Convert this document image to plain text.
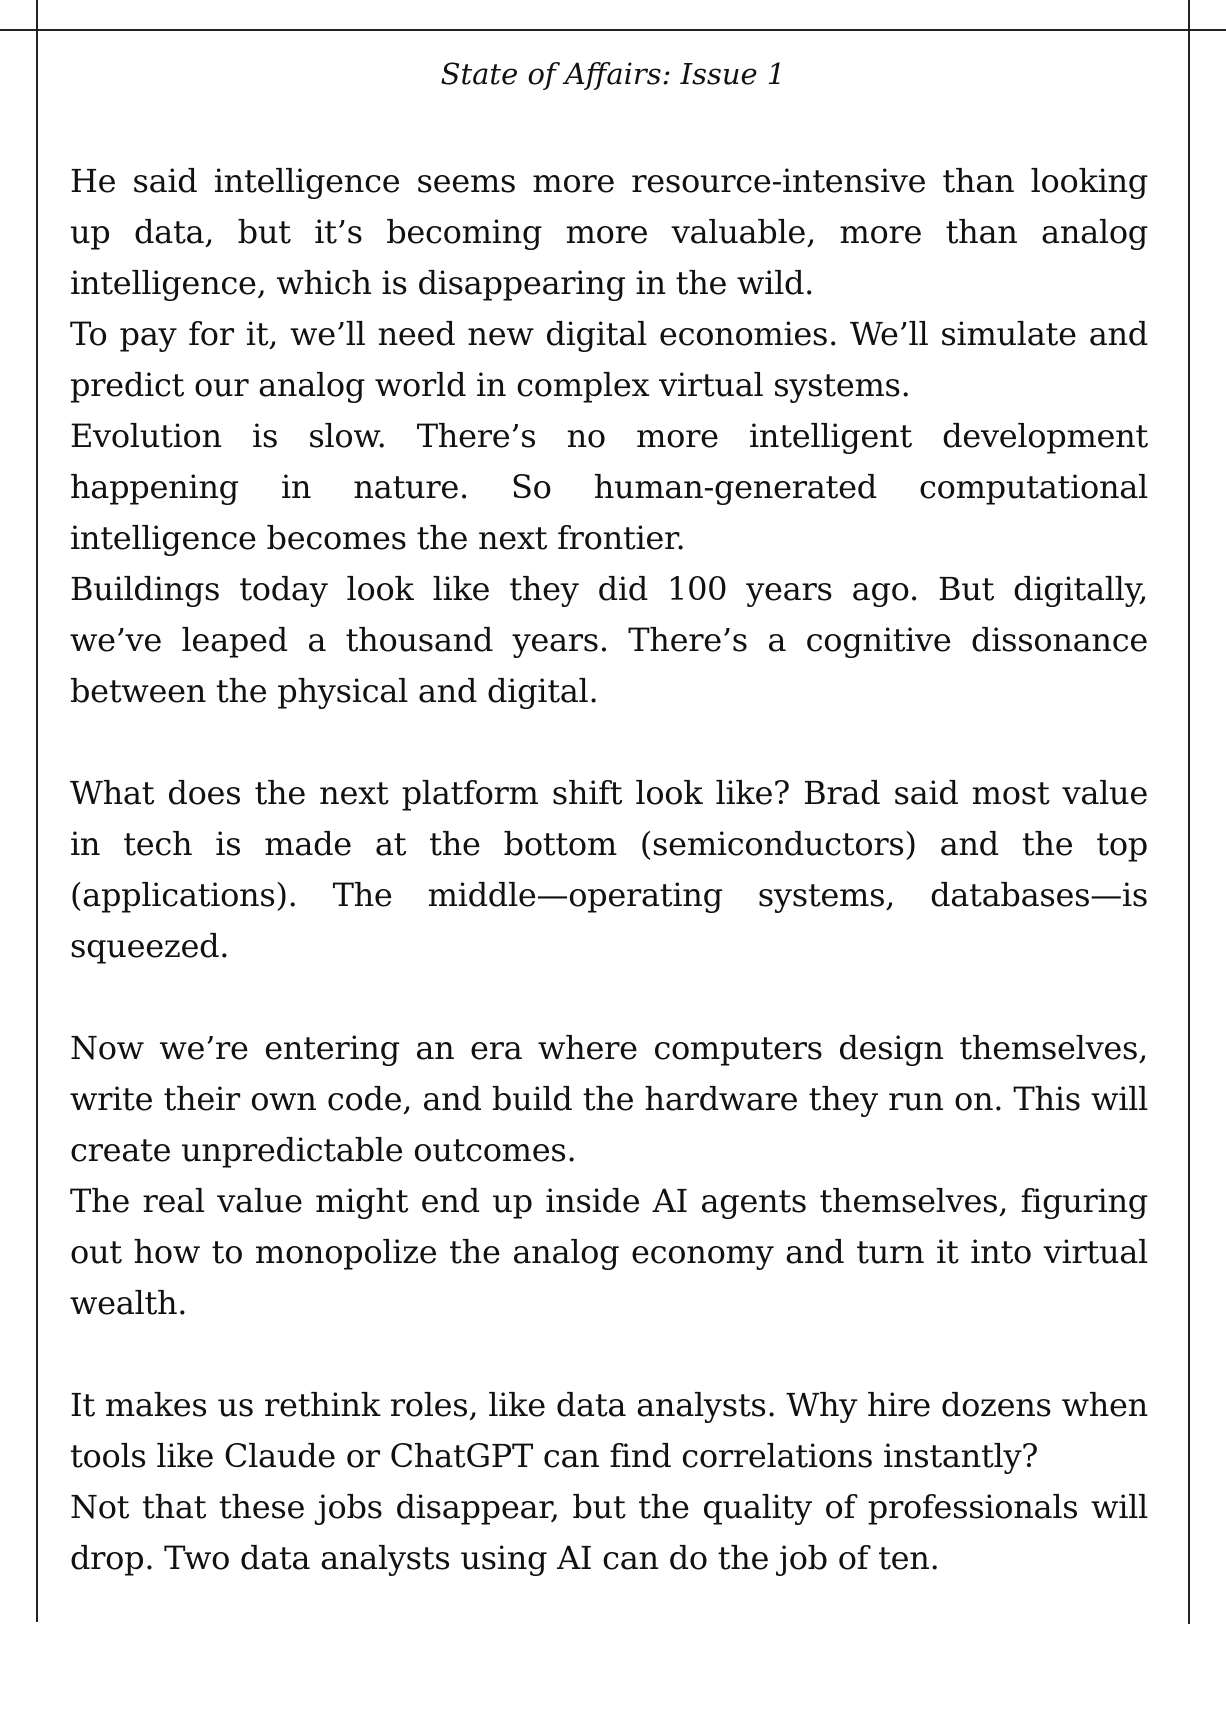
State of Affairs: Issue 1

He said intelligence seems more resource-intensive than looking up data, but it’s becoming more valuable, more than analog intelligence, which is disappearing in the wild.

To pay for it, we’ll need new digital economies. We’ll simulate and predict our analog world in complex virtual systems.

Evolution is slow. There’s no more intelligent development happening in nature. So human-generated computational intelligence becomes the next frontier.

Buildings today look like they did 100 years ago. But digitally, we’ve leaped a thousand years. There’s a cognitive dissonance between the physical and digital.

What does the next platform shift look like? Brad said most value in tech is made at the bottom (semiconductors) and the top (applications). The middle—operating systems, databases—is squeezed.

Now we’re entering an era where computers design themselves, write their own code, and build the hardware they run on. This will create unpredictable outcomes.

The real value might end up inside AI agents themselves, figuring out how to monopolize the analog economy and turn it into virtual wealth.

It makes us rethink roles, like data analysts. Why hire dozens when tools like Claude or ChatGPT can find correlations instantly?

Not that these jobs disappear, but the quality of professionals will drop. Two data analysts using AI can do the job of ten.
